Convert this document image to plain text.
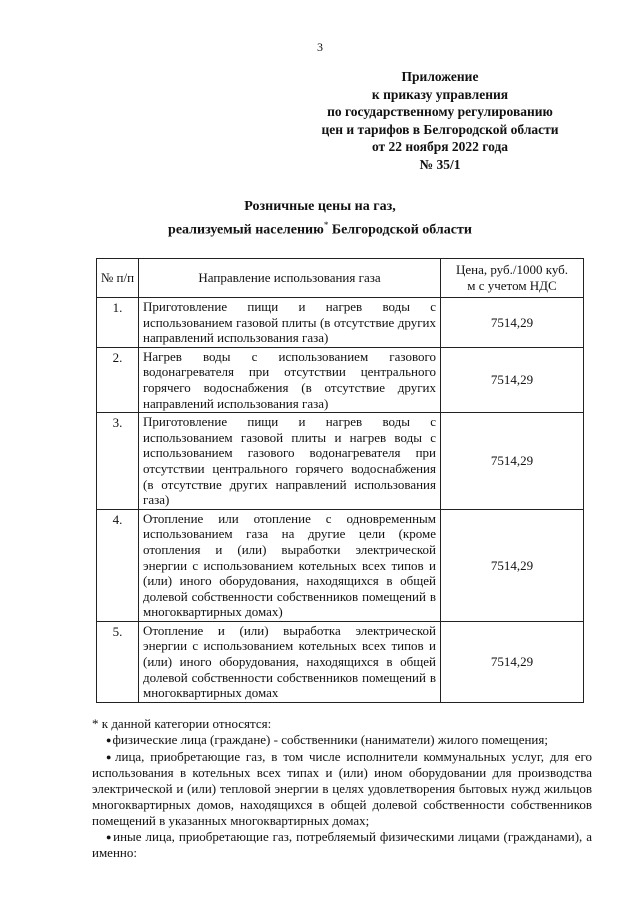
3
Приложение
к приказу управления
по государственному регулированию
цен и тарифов в Белгородской области
от 22 ноября 2022 года
№ 35/1
Розничные цены на газ,
реализуемый населению* Белгородской области
№ п/п	Направление использования газа	Цена, руб./1000 куб. м с учетом НДС
1.	Приготовление пищи и нагрев воды с использованием газовой плиты (в отсутствие других направлений использования газа)	7514,29
2.	Нагрев воды с использованием газового водонагревателя при отсутствии центрального горячего водоснабжения (в отсутствие других направлений использования газа)	7514,29
3.	Приготовление пищи и нагрев воды с использованием газовой плиты и нагрев воды с использованием газового водонагревателя при отсутствии центрального горячего водоснабжения (в отсутствие других направлений использования газа)	7514,29
4.	Отопление или отопление с одновременным использованием газа на другие цели (кроме отопления и (или) выработки электрической энергии с использованием котельных всех типов и (или) иного оборудования, находящихся в общей долевой собственности собственников помещений в многоквартирных домах)	7514,29
5.	Отопление и (или) выработка электрической энергии с использованием котельных всех типов и (или) иного оборудования, находящихся в общей долевой собственности собственников помещений в многоквартирных домах	7514,29

* к данной категории относятся:

●физические лица (граждане) - собственники (наниматели) жилого помещения;

●лица, приобретающие газ, в том числе исполнители коммунальных услуг, для его использования в котельных всех типах и (или) ином оборудовании для производства электрической и (или) тепловой энергии в целях удовлетворения бытовых нужд жильцов многоквартирных домов, находящихся в общей долевой собственности собственников помещений в указанных многоквартирных домах;

●иные лица, приобретающие газ, потребляемый физическими лицами (гражданами), а именно:
